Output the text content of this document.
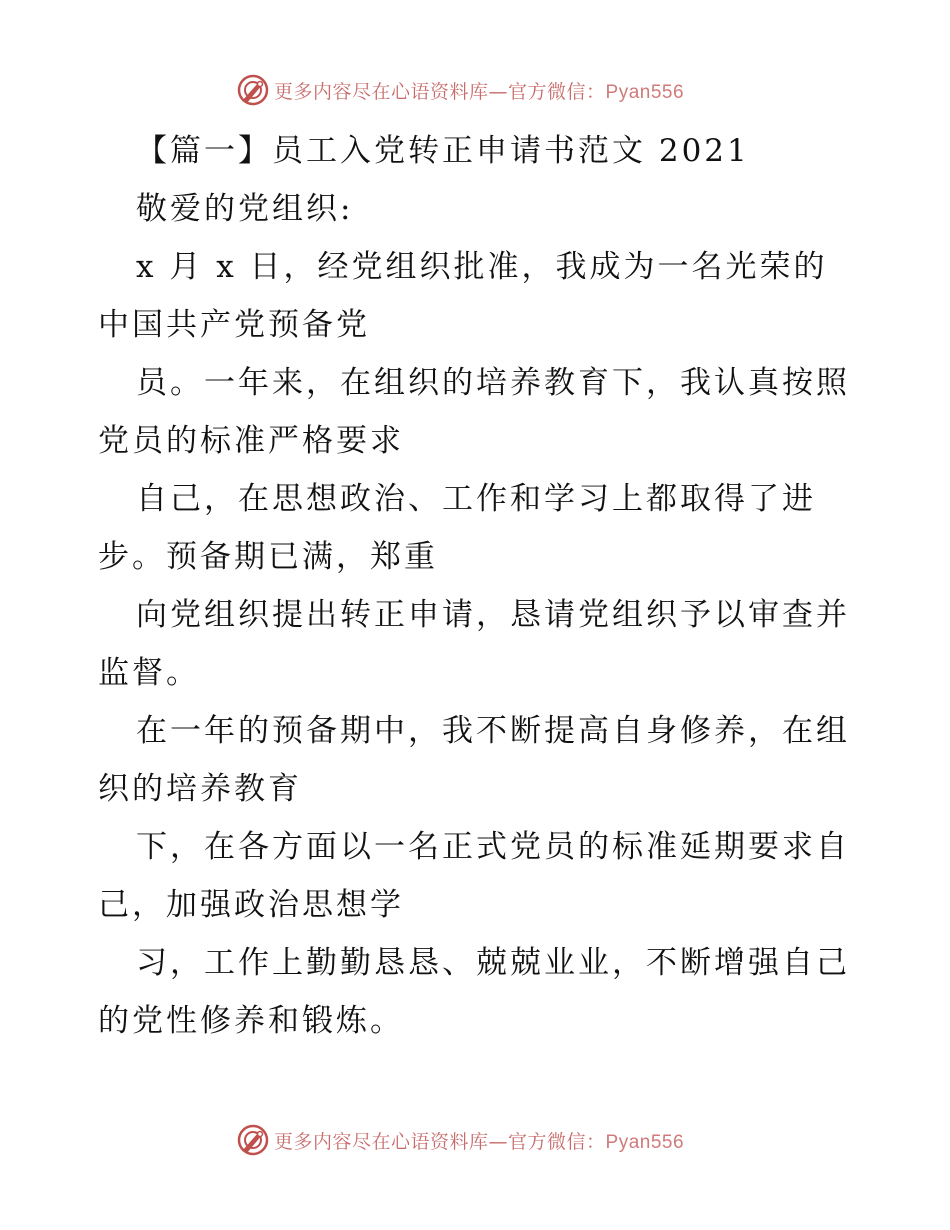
更多内容尽在心语资料库—官方微信：Pyan556
【篇一】员工入党转正申请书范文 2021
敬爱的党组织:
x 月 x 日，经党组织批准，我成为一名光荣的
中国共产党预备党
员。一年来，在组织的培养教育下，我认真按照
党员的标准严格要求
自己，在思想政治、工作和学习上都取得了进
步。预备期已满，郑重
向党组织提出转正申请，恳请党组织予以审查并
监督。
在一年的预备期中，我不断提高自身修养，在组
织的培养教育
下，在各方面以一名正式党员的标准延期要求自
己，加强政治思想学
习，工作上勤勤恳恳、兢兢业业，不断增强自己
的党性修养和锻炼。
更多内容尽在心语资料库—官方微信：Pyan556
